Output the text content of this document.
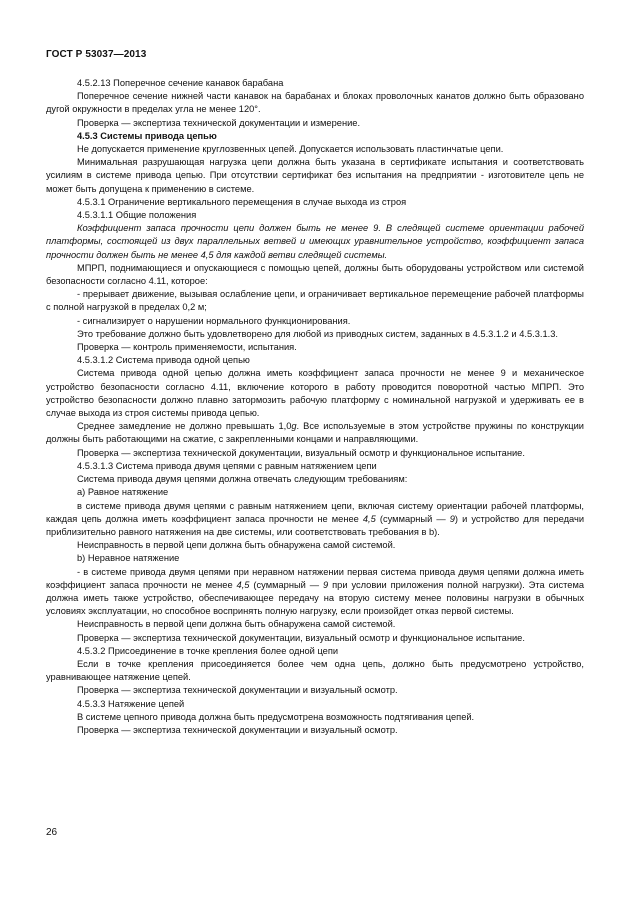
ГОСТ Р 53037—2013

4.5.2.13 Поперечное сечение канавок барабана

Поперечное сечение нижней части канавок на барабанах и блоках проволочных канатов должно быть образовано дугой окружности в пределах угла не менее 120°.

Проверка — экспертиза технической документации и измерение.

4.5.3 Системы привода цепью

Не допускается применение круглозвенных цепей. Допускается использовать пластинчатые цепи.

Минимальная разрушающая нагрузка цепи должна быть указана в сертификате испытания и соответствовать усилиям в системе привода цепью. При отсутствии сертификат без испытания на предприятии - изготовителе цепь не может быть допущена к применению в системе.

4.5.3.1 Ограничение вертикального перемещения в случае выхода из строя

4.5.3.1.1 Общие положения

Коэффициент запаса прочности цепи должен быть не менее 9. В следящей системе ориентации рабочей платформы, состоящей из двух параллельных ветвей и имеющих уравнительное устройство, коэффициент запаса прочности должен быть не менее 4,5 для каждой ветви следящей системы.

МПРП, поднимающиеся и опускающиеся с помощью цепей, должны быть оборудованы устройством или системой безопасности согласно 4.11, которое:

- прерывает движение, вызывая ослабление цепи, и ограничивает вертикальное перемещение рабочей платформы с полной нагрузкой в пределах 0,2 м;

- сигнализирует о нарушении нормального функционирования.

Это требование должно быть удовлетворено для любой из приводных систем, заданных в 4.5.3.1.2 и 4.5.3.1.3.

Проверка — контроль применяемости, испытания.

4.5.3.1.2 Система привода одной цепью

Система привода одной цепью должна иметь коэффициент запаса прочности не менее 9 и механическое устройство безопасности согласно 4.11, включение которого в работу проводится поворотной частью МПРП. Это устройство безопасности должно плавно затормозить рабочую платформу с номинальной нагрузкой и удерживать ее в случае выхода из строя системы привода цепью.

Среднее замедление не должно превышать 1,0g. Все используемые в этом устройстве пружины по конструкции должны быть работающими на сжатие, с закрепленными концами и направляющими.

Проверка — экспертиза технической документации, визуальный осмотр и функциональное испытание.

4.5.3.1.3 Система привода двумя цепями с равным натяжением цепи

Система привода двумя цепями должна отвечать следующим требованиям:

a) Равное натяжение

в системе привода двумя цепями с равным натяжением цепи, включая систему ориентации рабочей платформы, каждая цепь должна иметь коэффициент запаса прочности не менее 4,5 (суммарный — 9) и устройство для передачи приблизительно равного натяжения на две системы, или соответствовать требования в b).

Неисправность в первой цепи должна быть обнаружена самой системой.

b) Неравное натяжение

- в системе привода двумя цепями при неравном натяжении первая система привода двумя цепями должна иметь коэффициент запаса прочности не менее 4,5 (суммарный — 9 при условии приложения полной нагрузки). Эта система должна иметь также устройство, обеспечивающее передачу на вторую систему менее половины нагрузки в обычных условиях эксплуатации, но способное воспринять полную нагрузку, если произойдет отказ первой системы.

Неисправность в первой цепи должна быть обнаружена самой системой.

Проверка — экспертиза технической документации, визуальный осмотр и функциональное испытание.

4.5.3.2 Присоединение в точке крепления более одной цепи

Если в точке крепления присоединяется более чем одна цепь, должно быть предусмотрено устройство, уравнивающее натяжение цепей.

Проверка — экспертиза технической документации и визуальный осмотр.

4.5.3.3 Натяжение цепей

В системе цепного привода должна быть предусмотрена возможность подтягивания цепей.

Проверка — экспертиза технической документации и визуальный осмотр.

26
